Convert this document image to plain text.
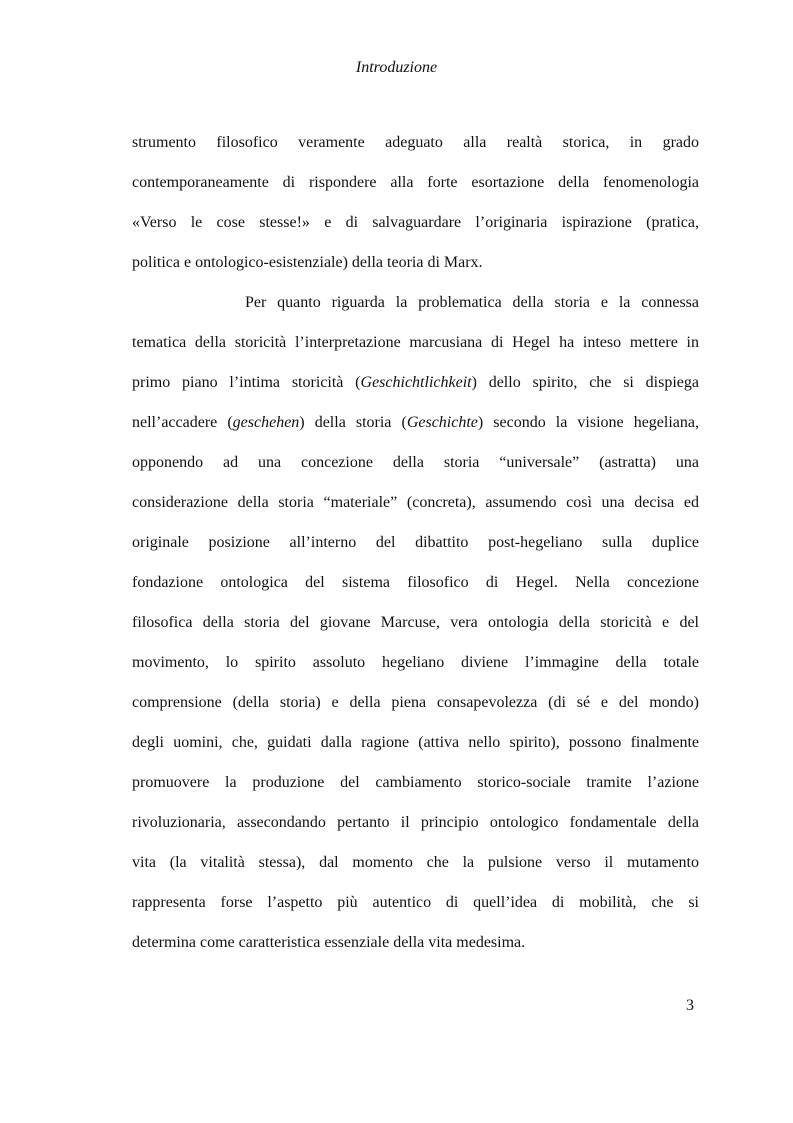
Introduzione
strumento filosofico veramente adeguato alla realtà storica, in grado
contemporaneamente di rispondere alla forte esortazione della fenomenologia
«Verso le cose stesse!» e di salvaguardare l’originaria ispirazione (pratica,
politica e ontologico-esistenziale) della teoria di Marx.
Per quanto riguarda la problematica della storia e la connessa
tematica della storicità l’interpretazione marcusiana di Hegel ha inteso mettere in
primo piano l’intima storicità (Geschichtlichkeit) dello spirito, che si dispiega
nell’accadere (geschehen) della storia (Geschichte) secondo la visione hegeliana,
opponendo ad una concezione della storia “universale” (astratta) una
considerazione della storia “materiale” (concreta), assumendo così una decisa ed
originale posizione all’interno del dibattito post-hegeliano sulla duplice
fondazione ontologica del sistema filosofico di Hegel. Nella concezione
filosofica della storia del giovane Marcuse, vera ontologia della storicità e del
movimento, lo spirito assoluto hegeliano diviene l’immagine della totale
comprensione (della storia) e della piena consapevolezza (di sé e del mondo)
degli uomini, che, guidati dalla ragione (attiva nello spirito), possono finalmente
promuovere la produzione del cambiamento storico-sociale tramite l’azione
rivoluzionaria, assecondando pertanto il principio ontologico fondamentale della
vita (la vitalità stessa), dal momento che la pulsione verso il mutamento
rappresenta forse l’aspetto più autentico di quell’idea di mobilità, che si
determina come caratteristica essenziale della vita medesima.
3
